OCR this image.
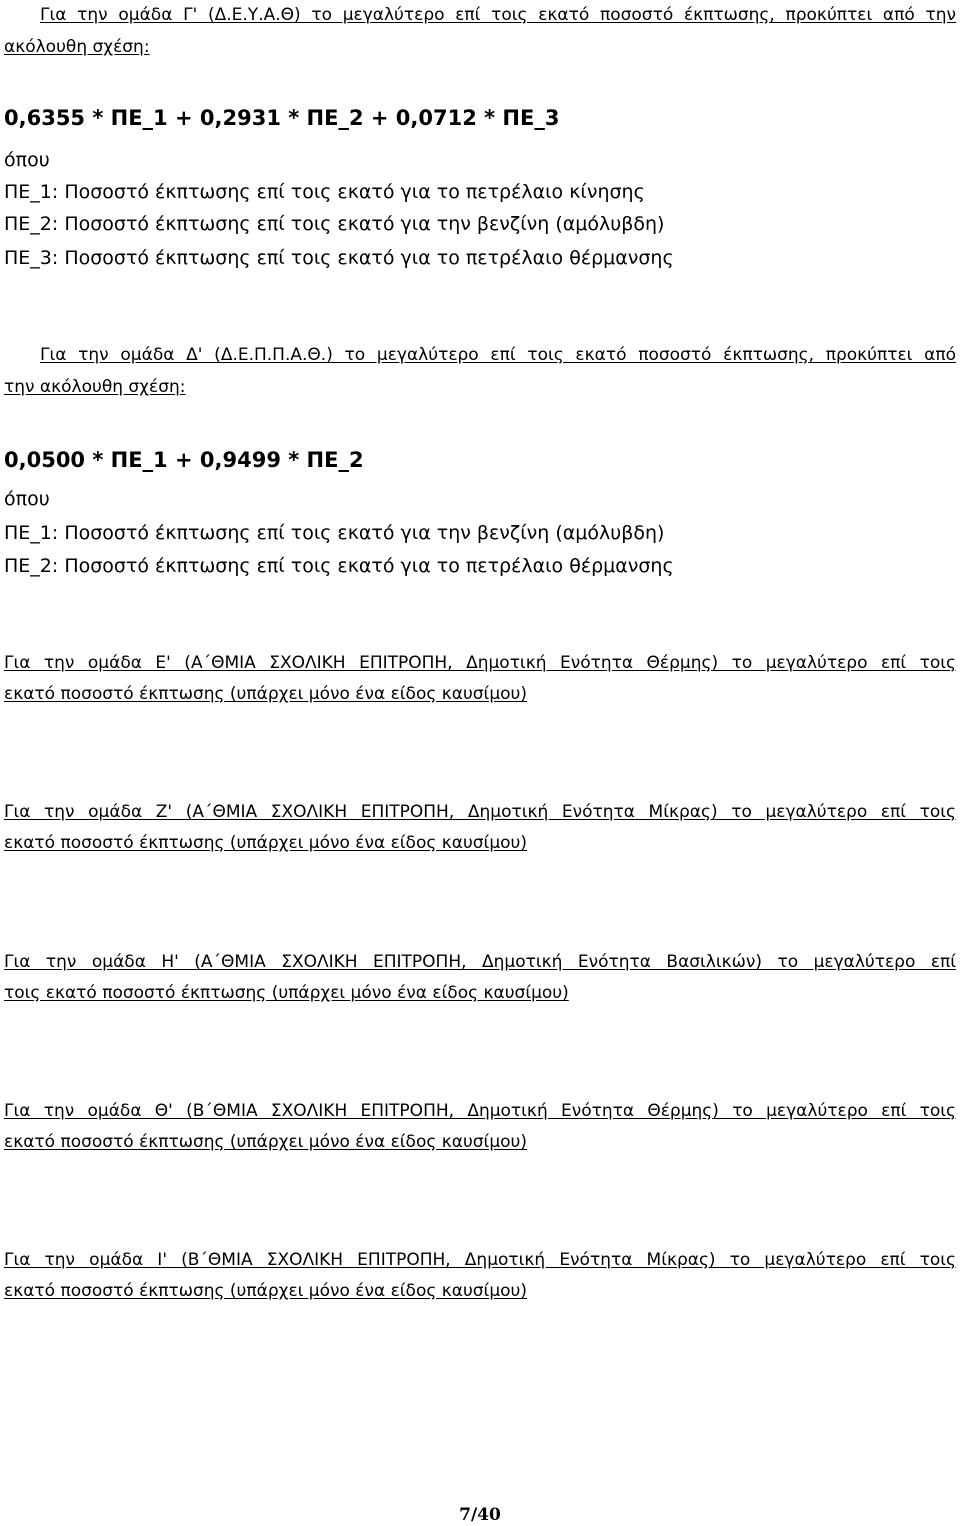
Για την ομάδα Γ' (Δ.Ε.Υ.Α.Θ) το μεγαλύτερο επί τοις εκατό ποσοστό έκπτωσης, προκύπτει από την
ακόλουθη σχέση:
0,6355 * ΠΕ_1 + 0,2931 * ΠΕ_2 + 0,0712 * ΠΕ_3
όπου
ΠΕ_1: Ποσοστό έκπτωσης επί τοις εκατό για το πετρέλαιο κίνησης
ΠΕ_2: Ποσοστό έκπτωσης επί τοις εκατό για την βενζίνη (αμόλυβδη)
ΠΕ_3: Ποσοστό έκπτωσης επί τοις εκατό για το πετρέλαιο θέρμανσης
Για την ομάδα Δ' (Δ.Ε.Π.Π.Α.Θ.) το μεγαλύτερο επί τοις εκατό ποσοστό έκπτωσης, προκύπτει από
την ακόλουθη σχέση:
0,0500 * ΠΕ_1 + 0,9499 * ΠΕ_2
όπου
ΠΕ_1: Ποσοστό έκπτωσης επί τοις εκατό για την βενζίνη (αμόλυβδη)
ΠΕ_2: Ποσοστό έκπτωσης επί τοις εκατό για το πετρέλαιο θέρμανσης
Για την ομάδα Ε' (Α΄ΘΜΙΑ ΣΧΟΛΙΚΗ ΕΠΙΤΡΟΠΗ, Δημοτική Ενότητα Θέρμης) το μεγαλύτερο επί τοις
εκατό ποσοστό έκπτωσης (υπάρχει μόνο ένα είδος καυσίμου)
Για την ομάδα Ζ' (Α΄ΘΜΙΑ ΣΧΟΛΙΚΗ ΕΠΙΤΡΟΠΗ, Δημοτική Ενότητα Μίκρας) το μεγαλύτερο επί τοις
εκατό ποσοστό έκπτωσης (υπάρχει μόνο ένα είδος καυσίμου)
Για την ομάδα Η' (Α΄ΘΜΙΑ ΣΧΟΛΙΚΗ ΕΠΙΤΡΟΠΗ, Δημοτική Ενότητα Βασιλικών) το μεγαλύτερο επί
τοις εκατό ποσοστό έκπτωσης (υπάρχει μόνο ένα είδος καυσίμου)
Για την ομάδα Θ' (Β΄ΘΜΙΑ ΣΧΟΛΙΚΗ ΕΠΙΤΡΟΠΗ, Δημοτική Ενότητα Θέρμης) το μεγαλύτερο επί τοις
εκατό ποσοστό έκπτωσης (υπάρχει μόνο ένα είδος καυσίμου)
Για την ομάδα Ι' (Β΄ΘΜΙΑ ΣΧΟΛΙΚΗ ΕΠΙΤΡΟΠΗ, Δημοτική Ενότητα Μίκρας) το μεγαλύτερο επί τοις
εκατό ποσοστό έκπτωσης (υπάρχει μόνο ένα είδος καυσίμου)
7/40
